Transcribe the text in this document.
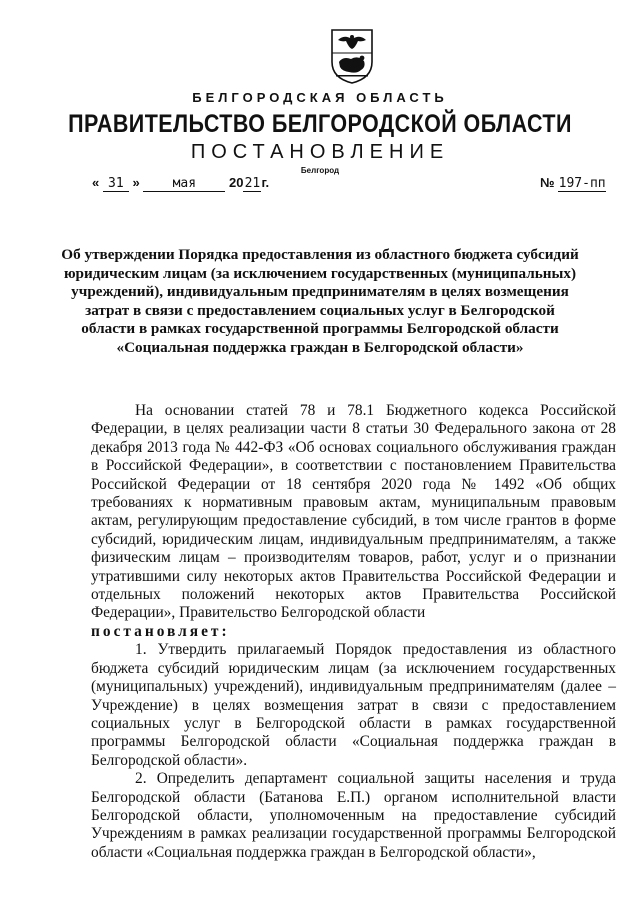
БЕЛГОРОДСКАЯ ОБЛАСТЬ
ПРАВИТЕЛЬСТВО БЕЛГОРОДСКОЙ ОБЛАСТИ
ПОСТАНОВЛЕНИЕ
Белгород
« 31 »	мая	2021г.	№ 197-пп
Об утверждении Порядка предоставления из областного бюджета субсидий
юридическим лицам (за исключением государственных (муниципальных)
учреждений), индивидуальным предпринимателям в целях возмещения
затрат в связи с предоставлением социальных услуг в Белгородской
области в рамках государственной программы Белгородской области
«Социальная поддержка граждан в Белгородской области»

На основании статей 78 и 78.1 Бюджетного кодекса Российской Федерации, в целях реализации части 8 статьи 30 Федерального закона от 28 декабря 2013 года № 442-ФЗ «Об основах социального обслуживания граждан в Российской Федерации», в соответствии с постановлением Правительства Российской Федерации от 18 сентября 2020 года № 1492 «Об общих требованиях к нормативным правовым актам, муниципальным правовым актам, регулирующим предоставление субсидий, в том числе грантов в форме субсидий, юридическим лицам, индивидуальным предпринимателям, а также физическим лицам – производителям товаров, работ, услуг и о признании утратившими силу некоторых актов Правительства Российской Федерации и отдельных положений некоторых актов Правительства Российской Федерации», Правительство Белгородской области

постановляет:

1. Утвердить прилагаемый Порядок предоставления из областного бюджета субсидий юридическим лицам (за исключением государственных (муниципальных) учреждений), индивидуальным предпринимателям (далее – Учреждение) в целях возмещения затрат в связи с предоставлением социальных услуг в Белгородской области в рамках государственной программы Белгородской области «Социальная поддержка граждан в Белгородской области».

2. Определить департамент социальной защиты населения и труда Белгородской области (Батанова Е.П.) органом исполнительной власти Белгородской области, уполномоченным на предоставление субсидий Учреждениям в рамках реализации государственной программы Белгородской области «Социальная поддержка граждан в Белгородской области»,
